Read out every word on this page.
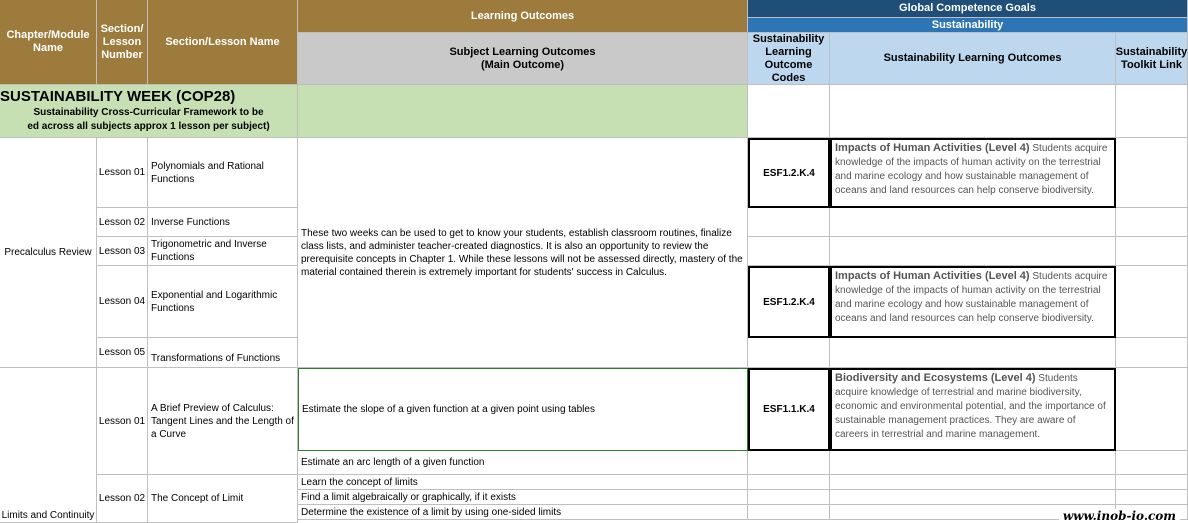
Chapter/Module Name
Section/ Lesson Number
Section/Lesson Name
Learning Outcomes
Subject Learning Outcomes
(Main Outcome)
Global Competence Goals
Sustainability
Sustainability Learning Outcome Codes
Sustainability Learning Outcomes
Sustainability Toolkit Link
SUSTAINABILITY WEEK (COP28)
Sustainability Cross-Curricular Framework to be
ed across all subjects approx 1 lesson per subject)
Precalculus Review
Lesson 01
Polynomials and Rational Functions
Lesson 02 Inverse Functions
Lesson 03
Trigonometric and Inverse Functions
Lesson 04
Exponential and Logarithmic Functions
Lesson 05
Transformations of Functions
These two weeks can be used to get to know your students, establish classroom routines, finalize class lists, and administer teacher-created diagnostics. It is also an opportunity to review the prerequisite concepts in Chapter 1. While these lessons will not be assessed directly, mastery of the material contained therein is extremely important for students' success in Calculus.
ESF1.2.K.4
Impacts of Human Activities (Level 4) Students acquire knowledge of the impacts of human activity on the terrestrial and marine ecology and how sustainable management of oceans and land resources can help conserve biodiversity.
ESF1.2.K.4
Impacts of Human Activities (Level 4) Students acquire knowledge of the impacts of human activity on the terrestrial and marine ecology and how sustainable management of oceans and land resources can help conserve biodiversity.
Limits and Continuity
Lesson 01
A Brief Preview of Calculus: Tangent Lines and the Length of a Curve
Estimate the slope of a given function at a given point using tables	ESF1.1.K.4
Biodiversity and Ecosystems (Level 4) Students acquire knowledge of terrestrial and marine biodiversity, economic and environmental potential, and the importance of sustainable management practices. They are aware of careers in terrestrial and marine management.
Estimate an arc length of a given function
Lesson 02 The Concept of Limit
Learn the concept of limits
Find a limit algebraically or graphically, if it exists
Determine the existence of a limit by using one-sided limits	www.inob-io.com
